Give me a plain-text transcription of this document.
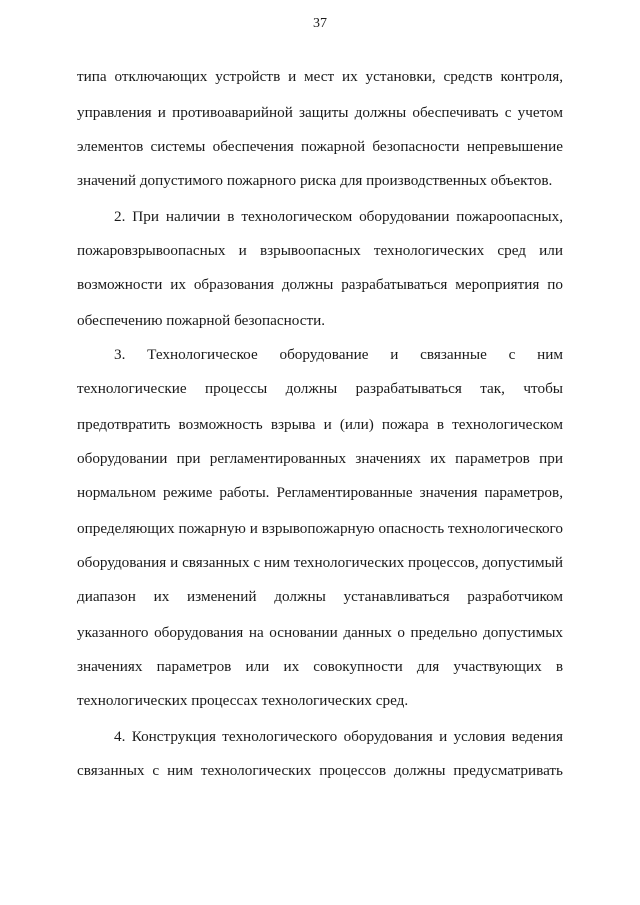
37
типа отключающих устройств и мест их установки, средств контроля,
управления и противоаварийной защиты должны обеспечивать с учетом
элементов системы обеспечения пожарной безопасности непревышение
значений допустимого пожарного риска для производственных объектов.
2. При наличии в технологическом оборудовании пожароопасных,
пожаровзрывоопасных и взрывоопасных технологических сред или
возможности их образования должны разрабатываться мероприятия по
обеспечению пожарной безопасности.
3. Технологическое оборудование и связанные с ним
технологические процессы должны разрабатываться так, чтобы
предотвратить возможность взрыва и (или) пожара в технологическом
оборудовании при регламентированных значениях их параметров при
нормальном режиме работы. Регламентированные значения параметров,
определяющих пожарную и взрывопожарную опасность технологического
оборудования и связанных с ним технологических процессов, допустимый
диапазон их изменений должны устанавливаться разработчиком
указанного оборудования на основании данных о предельно допустимых
значениях параметров или их совокупности для участвующих в
технологических процессах технологических сред.
4. Конструкция технологического оборудования и условия ведения
связанных с ним технологических процессов должны предусматривать
